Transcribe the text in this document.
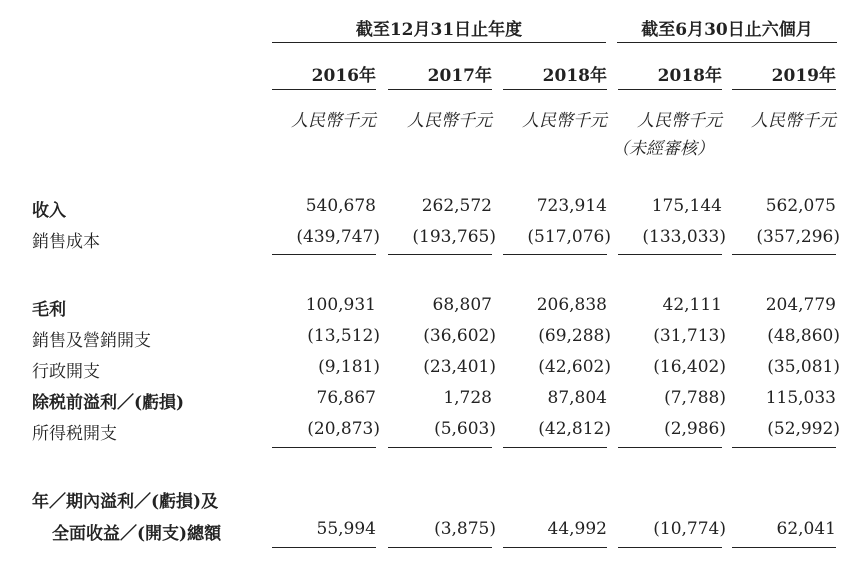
截至12月31日止年度	截至6月30日止六個月
2016年	2017年	2018年	2018年	2019年
人民幣千元	人民幣千元	人民幣千元	人民幣千元	人民幣千元
（未經審核）
收入	540,678	262,572	723,914	175,144	562,075
銷售成本	(439,747)	(193,765)	(517,076)	(133,033)	(357,296)
毛利	100,931	68,807	206,838	42,111	204,779
銷售及營銷開支	(13,512)	(36,602)	(69,288)	(31,713)	(48,860)
行政開支	(9,181)	(23,401)	(42,602)	(16,402)	(35,081)
除税前溢利／(虧損)	76,867	1,728	87,804	(7,788)	115,033
所得税開支	(20,873)	(5,603)	(42,812)	(2,986)	(52,992)
年／期內溢利／(虧損)及
全面收益／(開支)總額	55,994	(3,875)	44,992	(10,774)	62,041
